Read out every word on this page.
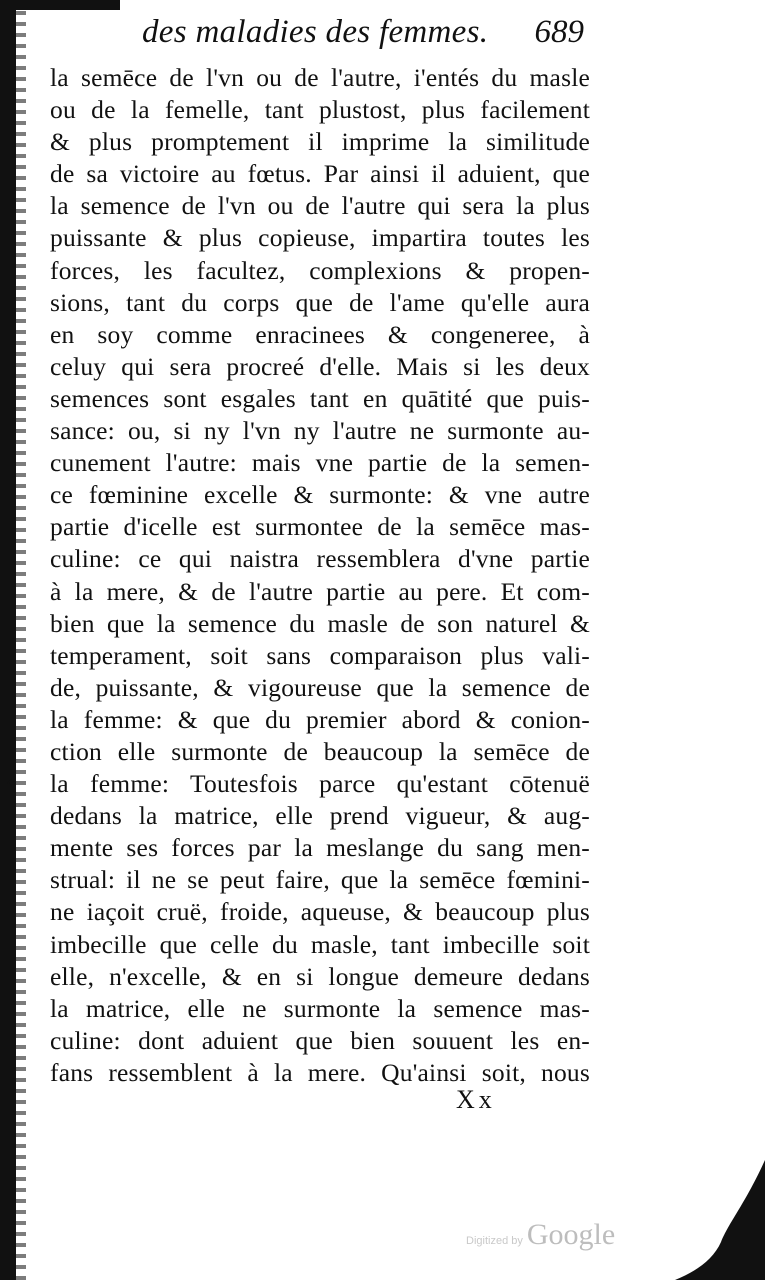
‹
des maladies des femmes. 689
la semēce de l'vn ou de l'autre, i'entés du masle
ou de la femelle, tant plustost, plus facilement
& plus promptement il imprime la similitude
de sa victoire au fœtus. Par ainsi il aduient, que
la semence de l'vn ou de l'autre qui sera la plus
puissante & plus copieuse, impartira toutes les
forces, les facultez, complexions & propen-
sions, tant du corps que de l'ame qu'elle aura
en soy comme enracinees & congeneree, à
celuy qui sera procreé d'elle. Mais si les deux
semences sont esgales tant en quātité que puis-
sance: ou, si ny l'vn ny l'autre ne surmonte au-
cunement l'autre: mais vne partie de la semen-
ce fœminine excelle & surmonte: & vne autre
partie d'icelle est surmontee de la semēce mas-
culine: ce qui naistra ressemblera d'vne partie
à la mere, & de l'autre partie au pere. Et com-
bien que la semence du masle de son naturel &
temperament, soit sans comparaison plus vali-
de, puissante, & vigoureuse que la semence de
la femme: & que du premier abord & conion-
ction elle surmonte de beaucoup la semēce de
la femme: Toutesfois parce qu'estant cōtenuë
dedans la matrice, elle prend vigueur, & aug-
mente ses forces par la meslange du sang men-
strual: il ne se peut faire, que la semēce fœmini-
ne iaçoit cruë, froide, aqueuse, & beaucoup plus
imbecille que celle du masle, tant imbecille soit
elle, n'excelle, & en si longue demeure dedans
la matrice, elle ne surmonte la semence mas-
culine: dont aduient que bien souuent les en-
fans ressemblent à la mere. Qu'ainsi soit, nous
Xx
Digitized by Google
